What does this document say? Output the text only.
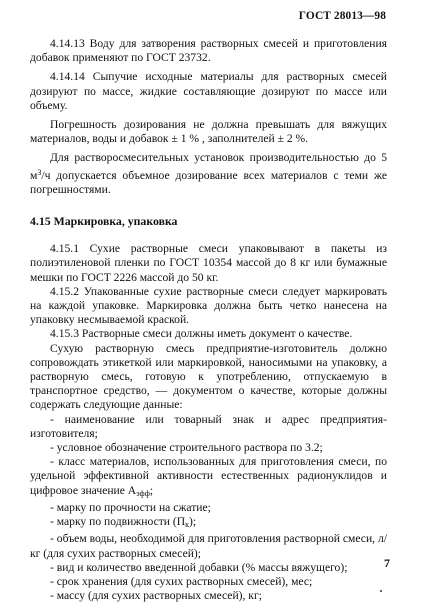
ГОСТ 28013—98

4.14.13 Воду для затворения растворных смесей и приготовления добавок применяют по ГОСТ 23732.

4.14.14 Сыпучие исходные материалы для растворных смесей дозируют по массе, жидкие составляющие дозируют по массе или объему.

Погрешность дозирования не должна превышать для вяжущих материалов, воды и добавок ± 1 % , заполнителей ± 2 %.

Для растворосмесительных установок производительностью до 5 $м^3/ч$ допускается объемное дозирование всех материалов с теми же погрешностями.

4.15 Маркировка, упаковка

4.15.1 Сухие растворные смеси упаковывают в пакеты из полиэтиленовой пленки по ГОСТ 10354 массой до 8 кг или бумажные мешки по ГОСТ 2226 массой до 50 кг.

4.15.2 Упакованные сухие растворные смеси следует маркировать на каждой упаковке. Маркировка должна быть четко нанесена на упаковку несмываемой краской.

4.15.3 Растворные смеси должны иметь документ о качестве.

Сухую растворную смесь предприятие-изготовитель должно сопровождать этикеткой или маркировкой, наносимыми на упаковку, а растворную смесь, готовую к употреблению, отпускаемую в транспортное средство, — документом о качестве, которые должны содержать следующие данные:

- наименование или товарный знак и адрес предприятия-изготовителя;

- условное обозначение строительного раствора по 3.2;

- класс материалов, использованных для приготовления смеси, по удельной эффективной активности естественных радионуклидов и цифровое значение $А_{эфф}$;

- марку по прочности на сжатие;

- марку по подвижности $(П_к)$;

- объем воды, необходимой для приготовления растворной смеси, л/кг (для сухих растворных смесей);

- вид и количество введенной добавки (% массы вяжущего);

- срок хранения (для сухих растворных смесей), мес;

- массу (для сухих растворных смесей), кг;

7
